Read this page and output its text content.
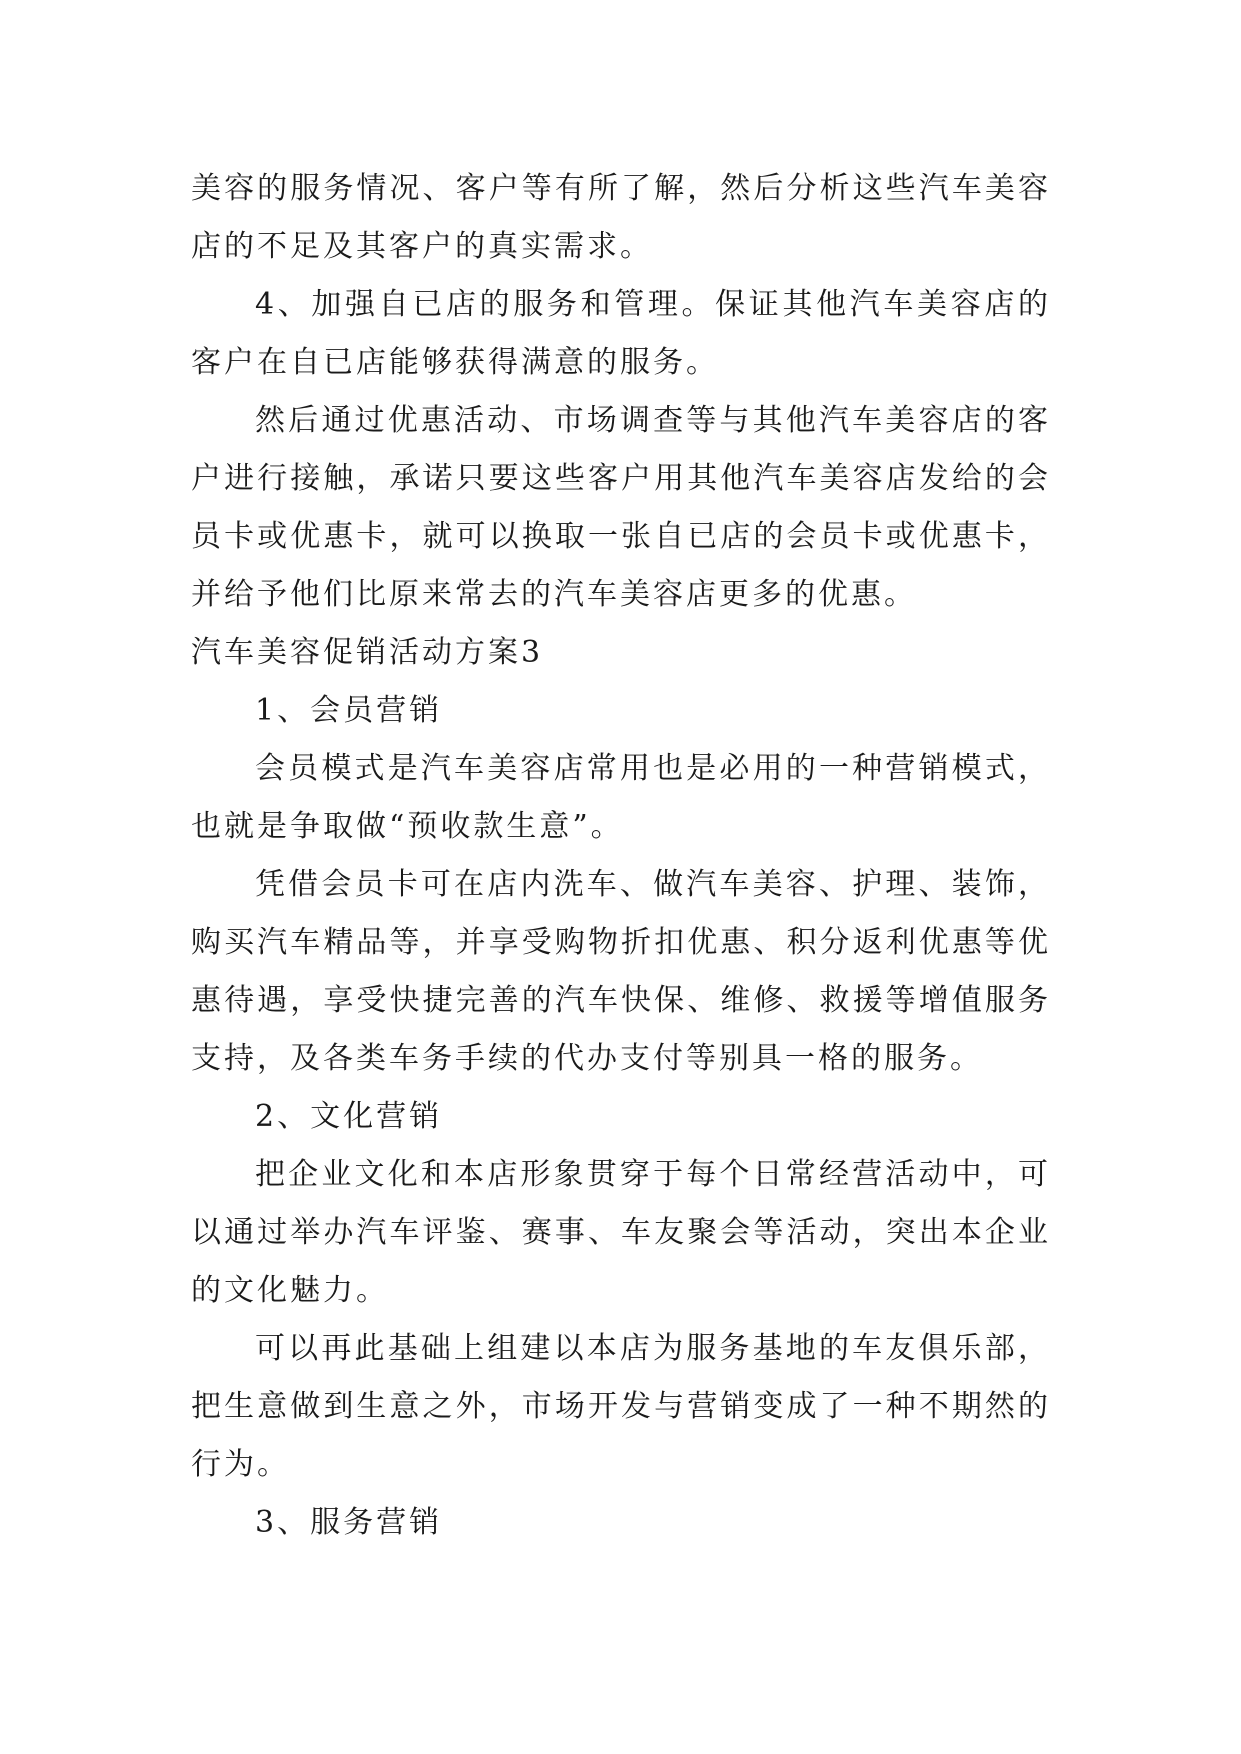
美容的服务情况、客户等有所了解，然后分析这些汽车美容店的不足及其客户的真实需求。

4、加强自已店的服务和管理。保证其他汽车美容店的客户在自已店能够获得满意的服务。

然后通过优惠活动、市场调查等与其他汽车美容店的客户进行接触，承诺只要这些客户用其他汽车美容店发给的会员卡或优惠卡，就可以换取一张自已店的会员卡或优惠卡，并给予他们比原来常去的汽车美容店更多的优惠。

汽车美容促销活动方案3

1、会员营销

会员模式是汽车美容店常用也是必用的一种营销模式，也就是争取做“预收款生意”。

凭借会员卡可在店内洗车、做汽车美容、护理、装饰，购买汽车精品等，并享受购物折扣优惠、积分返利优惠等优惠待遇，享受快捷完善的汽车快保、维修、救援等增值服务支持，及各类车务手续的代办支付等别具一格的服务。

2、文化营销

把企业文化和本店形象贯穿于每个日常经营活动中，可以通过举办汽车评鉴、赛事、车友聚会等活动，突出本企业的文化魅力。

可以再此基础上组建以本店为服务基地的车友俱乐部，把生意做到生意之外，市场开发与营销变成了一种不期然的行为。

3、服务营销
